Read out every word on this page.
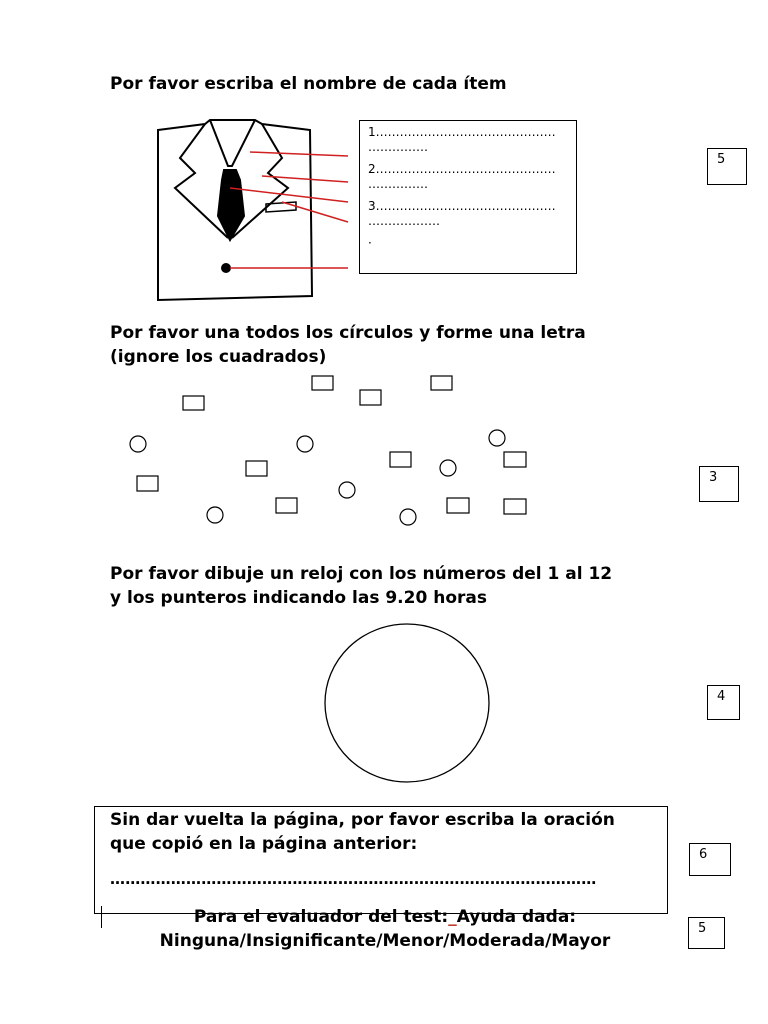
Por favor escriba el nombre de cada ítem

1………………………………………
……………

2………………………………………
……………

3………………………………………
………………

·

5
Por favor una todos los círculos y forme una letra
(ignore los cuadrados)
3
Por favor dibuje un reloj con los números del 1 al 12
y los punteros indicando las 9.20 horas
4
Sin dar vuelta la página, por favor escriba la oración
que copió en la página anterior:
……………………………………………………………………………………
6
Para el evaluador del test:_Ayuda dada:
Ninguna/Insignificante/Menor/Moderada/Mayor
5
